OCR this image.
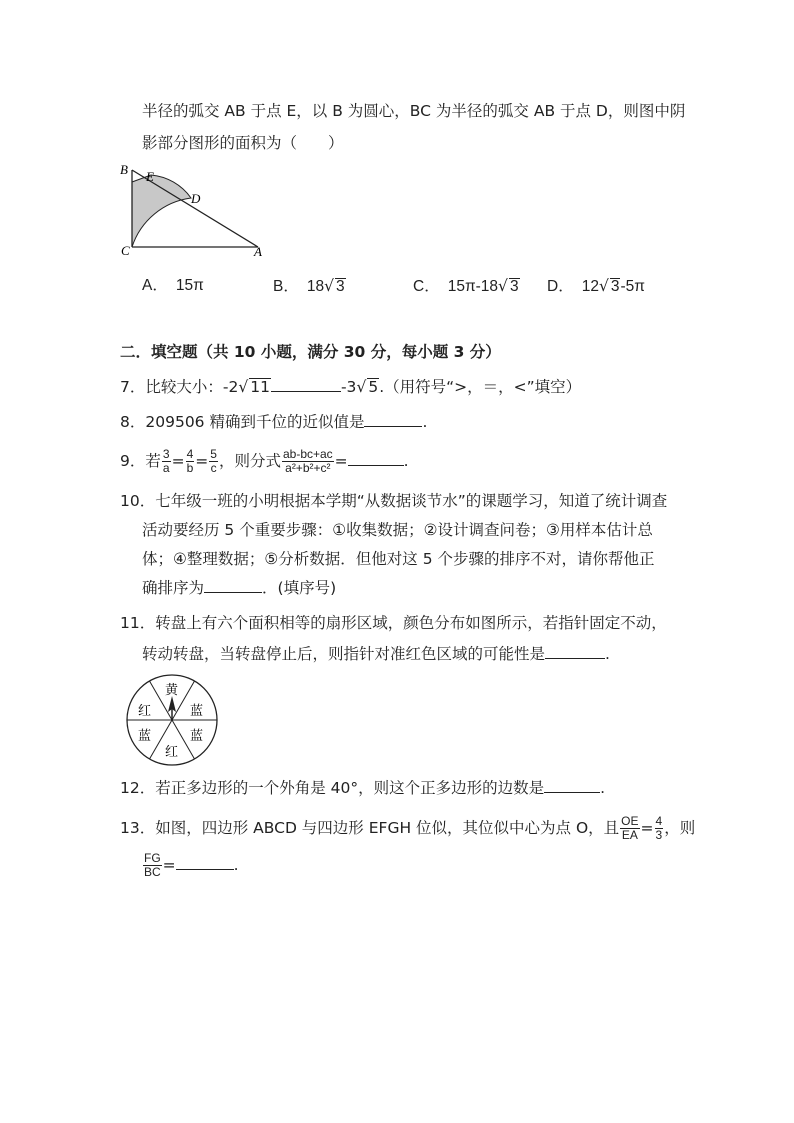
半径的弧交 AB 于点 E，以 B 为圆心，BC 为半径的弧交 AB 于点 D，则图中阴
影部分图形的面积为（　　）
B E
D
C	A
A． 15π	B． 18√ 3	C． 15π-18√ 3 D． 12√ 3-5π
二．填空题（共 10 小题，满分 30 分，每小题 3 分）
7．比较大小：-2√ 11	-3√ 5.（用符号“>，＝，<”填空）
8．209506 精确到千位的近似值是	.
9．若 $\frac{3}{a} = \frac{4}{b} = \frac{5}{c}$ ，则分式 $\frac{ab-bc+ac}{\text{a²+b²+c²}}$ =	.
10．七年级一班的小明根据本学期“从数据谈节水”的课题学习，知道了统计调查
活动要经历 5 个重要步骤：①收集数据；②设计调查问卷；③用样本估计总
体；④整理数据；⑤分析数据．但他对这 5 个步骤的排序不对，请你帮他正
确排序为	．(填序号)
11．转盘上有六个面积相等的扇形区域，颜色分布如图所示，若指针固定不动，
转动转盘，当转盘停止后，则指针对准红色区域的可能性是	.
黄
蓝
蓝
红
蓝
红
12．若正多边形的一个外角是 40°，则这个正多边形的边数是	.
13．如图，四边形 ABCD 与四边形 EFGH 位似，其位似中心为点 O，且 $\frac{OE}{EA} = \frac{4}{3}$ ，则
$\frac{FG}{BC}$ =	.
